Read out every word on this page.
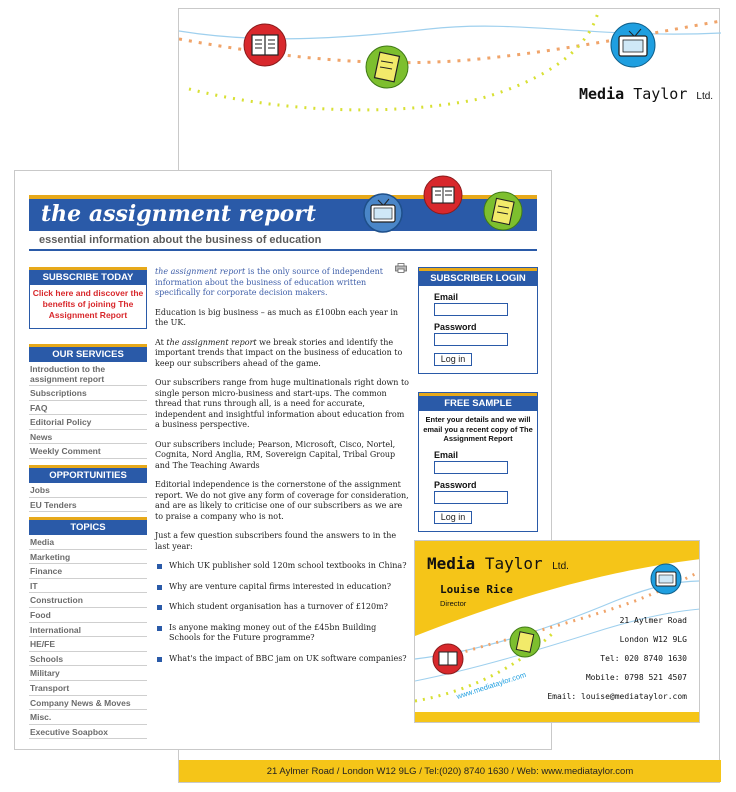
Media Taylor Ltd.
21 Aylmer Road / London W12 9LG / Tel:(020) 8740 1630 / Web: www.mediataylor.com
the assignment report
essential information about the business of education
SUBSCRIBE TODAY
Click here and discover the benefits of joining The Assignment Report
OUR SERVICES
Introduction to the assignment report
Subscriptions
FAQ
Editorial Policy
News
Weekly Comment
OPPORTUNITIES
Jobs
EU Tenders
TOPICS
Media
Marketing
Finance
IT
Construction
Food
International
HE/FE
Schools
Military
Transport
Company News & Moves
Misc.
Executive Soapbox

the assignment report is the only source of independent information about the business of education written specifically for corporate decision makers.

Education is big business – as much as £100bn each year in the UK.

At the assignment report we break stories and identify the important trends that impact on the business of education to keep our subscribers ahead of the game.

Our subscribers range from huge multinationals right down to single person micro-business and start-ups. The common thread that runs through all, is a need for accurate, independent and insightful information about education from a business perspective.

Our subscribers include; Pearson, Microsoft, Cisco, Nortel, Cognita, Nord Anglia, RM, Sovereign Capital, Tribal Group and The Teaching Awards

Editorial independence is the cornerstone of the assignment report. We do not give any form of coverage for consideration, and are as likely to criticise one of our subscribers as we are to praise a company who is not.

Just a few question subscribers found the answers to in the last year:

Which UK publisher sold 120m school textbooks in China?
Why are venture capital firms interested in education?
Which student organisation has a turnover of £120m?
Is anyone making money out of the £45bn Building Schools for the Future programme?
What's the impact of BBC jam on UK software companies?
SUBSCRIBER LOGIN
Email
Password
Log in
FREE SAMPLE
Enter your details and we will email you a recent copy of The Assignment Report
Email
Password
Log in
Media Taylor Ltd.
Louise Rice
Director
21 Aylmer Road
London W12 9LG
Tel: 020 8740 1630
Mobile: 0798 521 4507
Email: louise@mediataylor.com
www.mediataylor.com
